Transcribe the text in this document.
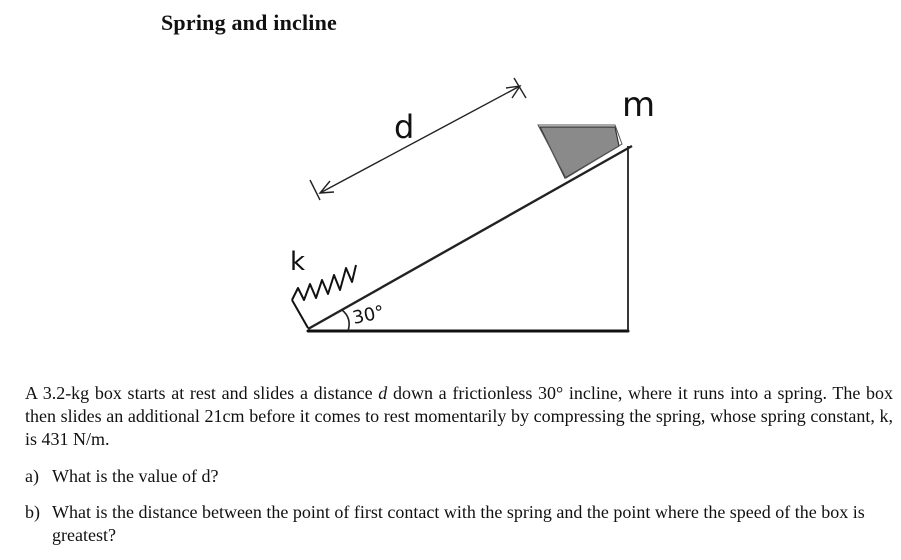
Spring and incline
d
m
k
30°

A 3.2-kg box starts at rest and slides a distance d down a frictionless 30° incline, where it runs into a spring. The box then slides an additional 21cm before it comes to rest momentarily by compressing the spring, whose spring constant, k, is 431 N/m.

a) What is the value of d?
b) What is the distance between the point of first contact with the spring and the point where the speed of the box is greatest?
